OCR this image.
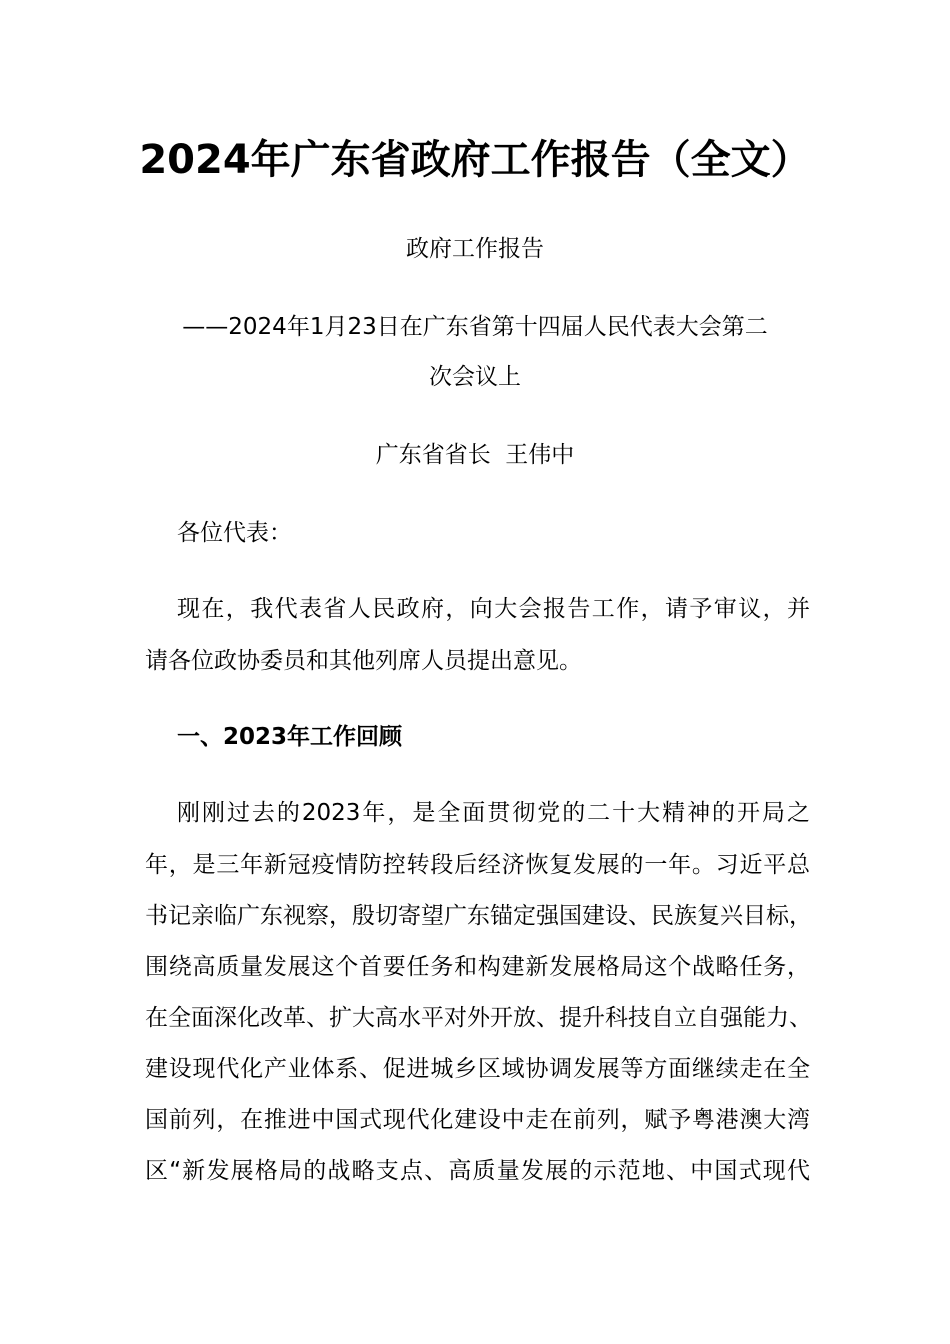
2024年广东省政府工作报告（全文）
政府工作报告
——2024年1月23日在广东省第十四届人民代表大会第二
次会议上
广东省省长  王伟中
各位代表：
现在，我代表省人民政府，向大会报告工作，请予审议，并
请各位政协委员和其他列席人员提出意见。
一、2023年工作回顾
刚刚过去的2023年，是全面贯彻党的二十大精神的开局之
年，是三年新冠疫情防控转段后经济恢复发展的一年。习近平总
书记亲临广东视察，殷切寄望广东锚定强国建设、民族复兴目标，
围绕高质量发展这个首要任务和构建新发展格局这个战略任务，
在全面深化改革、扩大高水平对外开放、提升科技自立自强能力、
建设现代化产业体系、促进城乡区域协调发展等方面继续走在全
国前列，在推进中国式现代化建设中走在前列，赋予粤港澳大湾
区“新发展格局的战略支点、高质量发展的示范地、中国式现代
